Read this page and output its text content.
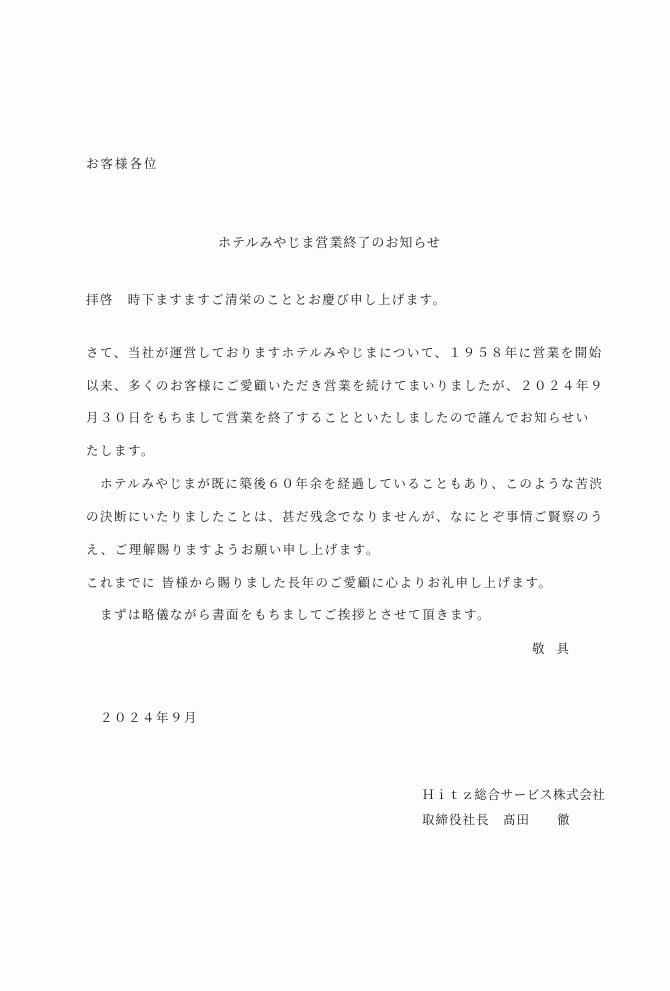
お客様各位

ホテルみやじま営業終了のお知らせ

拝啓　時下ますますご清栄のこととお慶び申し上げます。

さて、当社が運営しておりますホテルみやじまについて、１９５８年に営業を開始

以来、多くのお客様にご愛顧いただき営業を続けてまいりましたが、２０２４年９

月３０日をもちまして営業を終了することといたしましたので謹んでお知らせい

たします。

ホテルみやじまが既に築後６０年余を経過していることもあり、このような苦渋

の決断にいたりましたことは、甚だ残念でなりませんが、なにとぞ事情ご賢察のう

え、ご理解賜りますようお願い申し上げます。

これまでに 皆様から賜りました長年のご愛顧に心よりお礼申し上げます。

まずは略儀ながら書面をもちましてご挨拶とさせて頂きます。

敬具

２０２４年９月

Ｈｉｔｚ総合サービス株式会社

取締役社長　髙田　　徹
